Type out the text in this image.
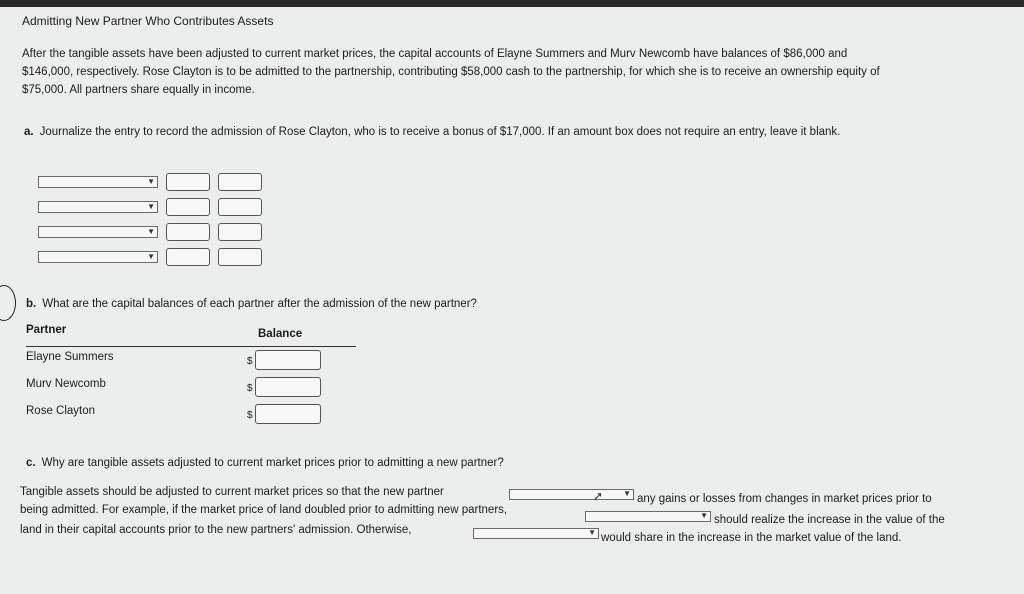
Admitting New Partner Who Contributes Assets
After the tangible assets have been adjusted to current market prices, the capital accounts of Elayne Summers and Murv Newcomb have balances of $86,000 and
$146,000, respectively. Rose Clayton is to be admitted to the partnership, contributing $58,000 cash to the partnership, for which she is to receive an ownership equity of
$75,000. All partners share equally in income.
a. Journalize the entry to record the admission of Rose Clayton, who is to receive a bonus of $17,000. If an amount box does not require an entry, leave it blank.
▼
▼
▼
▼
b. What are the capital balances of each partner after the admission of the new partner?
Partner	Balance
Elayne Summers	$
Murv Newcomb	$
Rose Clayton	$
c. Why are tangible assets adjusted to current market prices prior to admitting a new partner?
Tangible assets should be adjusted to current market prices so that the new partner	▼ any gains or losses from changes in market prices prior to
being admitted. For example, if the market price of land doubled prior to admitting new partners,	▼ should realize the increase in the value of the
land in their capital accounts prior to the new partners' admission. Otherwise,	▼ would share in the increase in the market value of the land.
➚
